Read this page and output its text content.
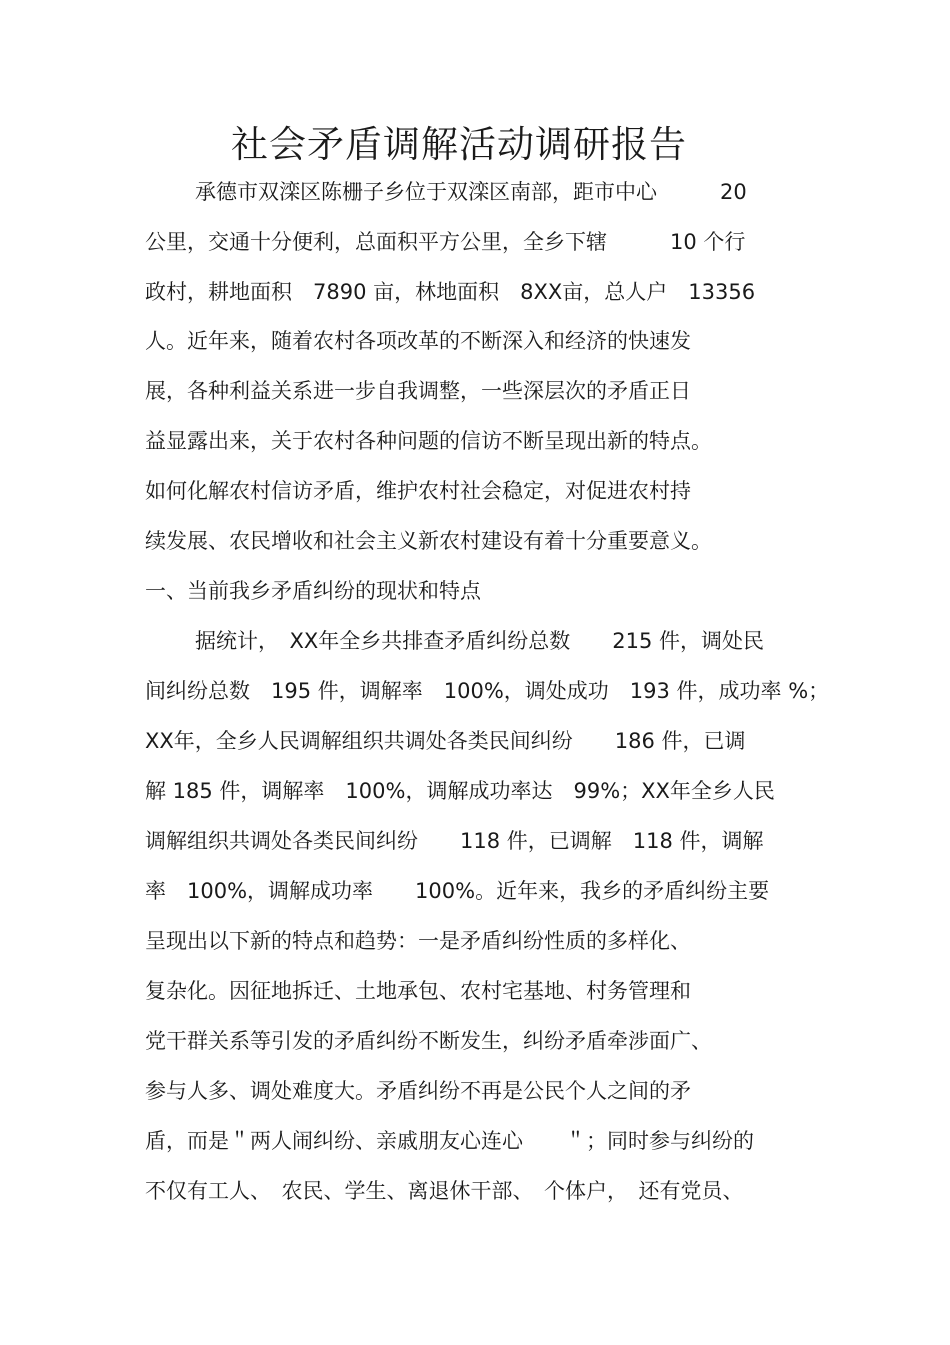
社会矛盾调解活动调研报告
承德市双滦区陈栅子乡位于双滦区南部，距市中心　　　20
公里，交通十分便利，总面积平方公里，全乡下辖　　　10 个行
政村，耕地面积　7890 亩，林地面积　8XX亩，总人户　13356
人。近年来，随着农村各项改革的不断深入和经济的快速发
展，各种利益关系进一步自我调整，一些深层次的矛盾正日
益显露出来，关于农村各种问题的信访不断呈现出新的特点。
如何化解农村信访矛盾，维护农村社会稳定，对促进农村持
续发展、农民增收和社会主义新农村建设有着十分重要意义。
一、当前我乡矛盾纠纷的现状和特点
据统计，　XX年全乡共排查矛盾纠纷总数　　215 件，调处民
间纠纷总数　195 件，调解率　100%，调处成功　193 件，成功率 %；
XX年，全乡人民调解组织共调处各类民间纠纷　　186 件，已调
解 185 件，调解率　100%，调解成功率达　99%；XX年全乡人民
调解组织共调处各类民间纠纷　　118 件，已调解　118 件，调解
率　100%，调解成功率　　100%。近年来，我乡的矛盾纠纷主要
呈现出以下新的特点和趋势：一是矛盾纠纷性质的多样化、
复杂化。因征地拆迁、土地承包、农村宅基地、村务管理和
党干群关系等引发的矛盾纠纷不断发生，纠纷矛盾牵涉面广、
参与人多、调处难度大。矛盾纠纷不再是公民个人之间的矛
盾，而是＂两人闹纠纷、亲戚朋友心连心　　＂；同时参与纠纷的
不仅有工人、　农民、学生、离退休干部、　个体户，　还有党员、
